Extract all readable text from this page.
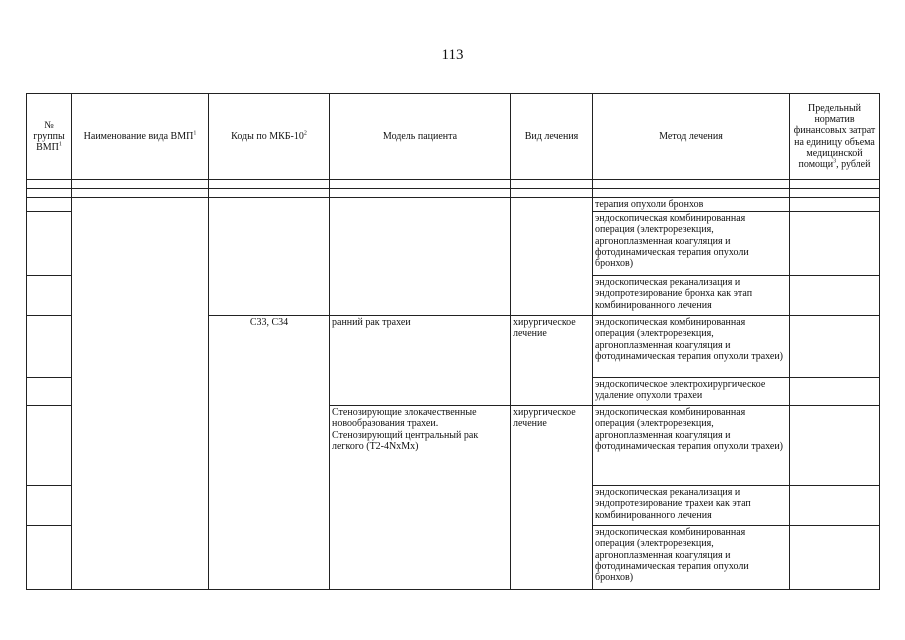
113
№ группы ВМП$^1$	Наименование вида ВМП$^1$	Коды по МКБ-$10^2$	Модель пациента	Вид лечения	Метод лечения	Предельный норматив финансовых затрат на единицу объема медицинской помощи$^3$, рублей

					терапия опухоли бронхов	
					эндоскопическая комбинированная операция (электрорезекция, аргоноплазменная коагуляция и фотодинамическая терапия опухоли бронхов)	
					эндоскопическая реканализация и эндопротезирование бронха как этап комбинированного лечения	
		С33, С34	ранний рак трахеи	хирургическое лечение	эндоскопическая комбинированная операция (электрорезекция, аргоноплазменная коагуляция и фотодинамическая терапия опухоли трахеи)	
					эндоскопическое электрохирургическое удаление опухоли трахеи	
			Стенозирующие злокачественные новообразования трахеи. Стенозирующий центральный рак легкого (Т2-4NxMx)	хирургическое лечение	эндоскопическая комбинированная операция (электрорезекция, аргоноплазменная коагуляция и фотодинамическая терапия опухоли трахеи)	
					эндоскопическая реканализация и эндопротезирование трахеи как этап комбинированного лечения	
					эндоскопическая комбинированная операция (электрорезекция, аргоноплазменная коагуляция и фотодинамическая терапия опухоли бронхов)	
